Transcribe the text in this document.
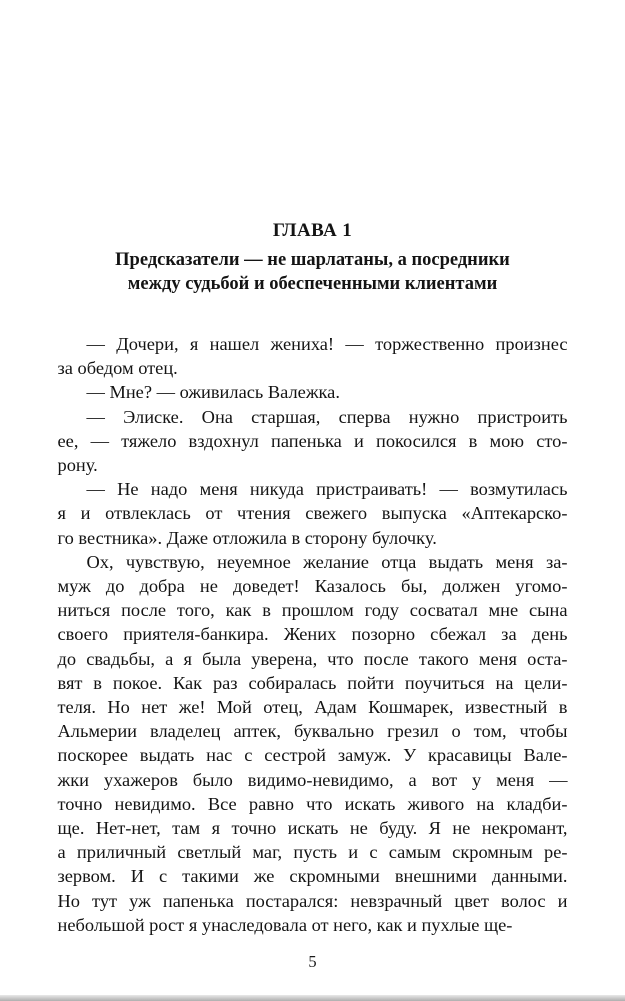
ГЛАВА 1
Предсказатели — не шарлатаны, а посредники
между судьбой и обеспеченными клиентами
— Дочери, я нашел жениха! — торжественно произнес
за обедом отец.
— Мне? — оживилась Валежка.
— Элиске. Она старшая, сперва нужно пристроить
ее, — тяжело вздохнул папенька и покосился в мою сто-
рону.
— Не надо меня никуда пристраивать! — возмутилась
я и отвлеклась от чтения свежего выпуска «Аптекарско-
го вестника». Даже отложила в сторону булочку.
Ох, чувствую, неуемное желание отца выдать меня за-
муж до добра не доведет! Казалось бы, должен угомо-
ниться после того, как в прошлом году сосватал мне сына
своего приятеля-банкира. Жених позорно сбежал за день
до свадьбы, а я была уверена, что после такого меня оста-
вят в покое. Как раз собиралась пойти поучиться на цели-
теля. Но нет же! Мой отец, Адам Кошмарек, известный в
Альмерии владелец аптек, буквально грезил о том, чтобы
поскорее выдать нас с сестрой замуж. У красавицы Вале-
жки ухажеров было видимо-невидимо, а вот у меня —
точно невидимо. Все равно что искать живого на кладби-
ще. Нет-нет, там я точно искать не буду. Я не некромант,
а приличный светлый маг, пусть и с самым скромным ре-
зервом. И с такими же скромными внешними данными.
Но тут уж папенька постарался: невзрачный цвет волос и
небольшой рост я унаследовала от него, как и пухлые ще-
5
